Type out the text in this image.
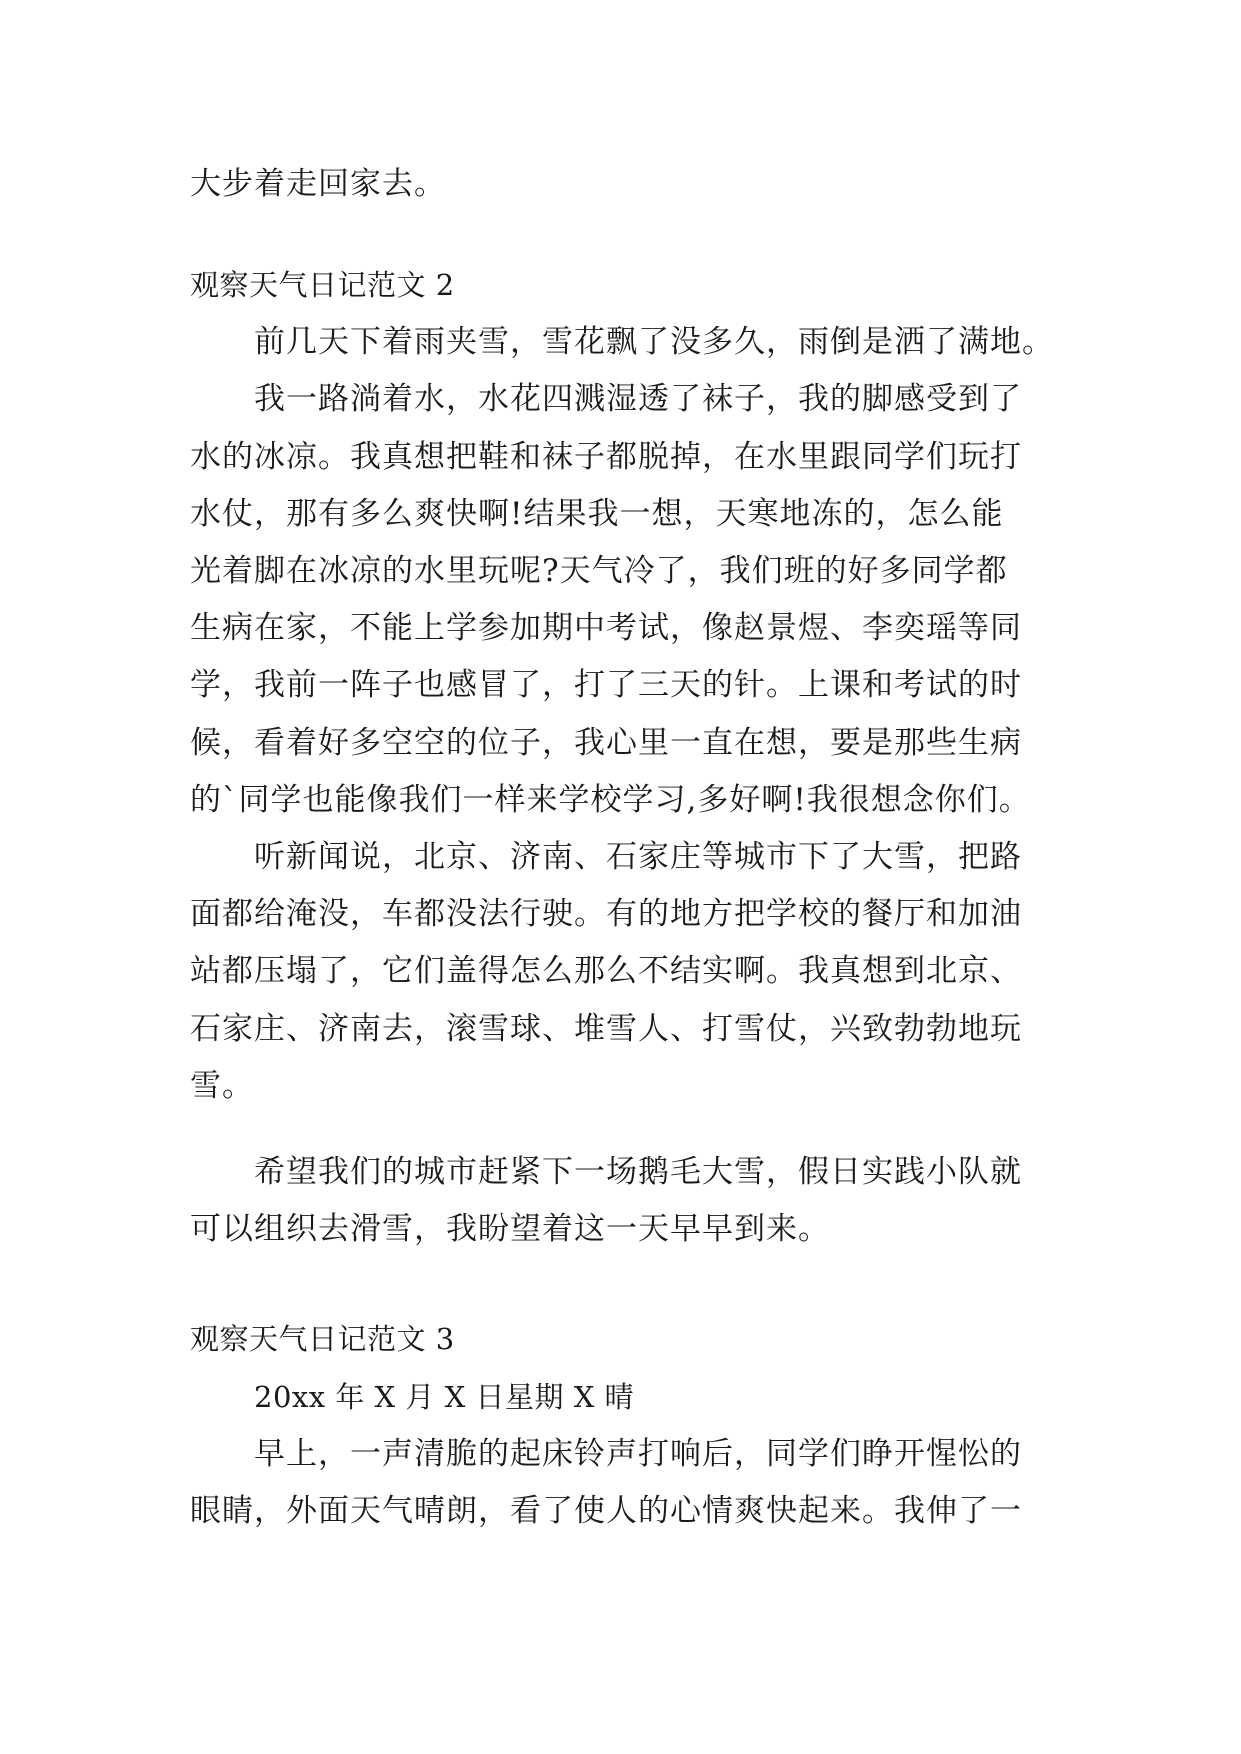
大步着走回家去。
观察天气日记范文 2
前几天下着雨夹雪，雪花飘了没多久，雨倒是洒了满地。
我一路淌着水，水花四溅湿透了袜子，我的脚感受到了
水的冰凉。我真想把鞋和袜子都脱掉，在水里跟同学们玩打
水仗，那有多么爽快啊!结果我一想，天寒地冻的，怎么能
光着脚在冰凉的水里玩呢?天气冷了，我们班的好多同学都
生病在家，不能上学参加期中考试，像赵景煜、李奕瑶等同
学，我前一阵子也感冒了，打了三天的针。上课和考试的时
候，看着好多空空的位子，我心里一直在想，要是那些生病
的`同学也能像我们一样来学校学习,多好啊!我很想念你们。
听新闻说，北京、济南、石家庄等城市下了大雪，把路
面都给淹没，车都没法行驶。有的地方把学校的餐厅和加油
站都压塌了，它们盖得怎么那么不结实啊。我真想到北京、
石家庄、济南去，滚雪球、堆雪人、打雪仗，兴致勃勃地玩
雪。
希望我们的城市赶紧下一场鹅毛大雪，假日实践小队就
可以组织去滑雪，我盼望着这一天早早到来。
观察天气日记范文 3
20xx 年 X 月 X 日星期 X 晴
早上，一声清脆的起床铃声打响后，同学们睁开惺忪的
眼睛，外面天气晴朗，看了使人的心情爽快起来。我伸了一
